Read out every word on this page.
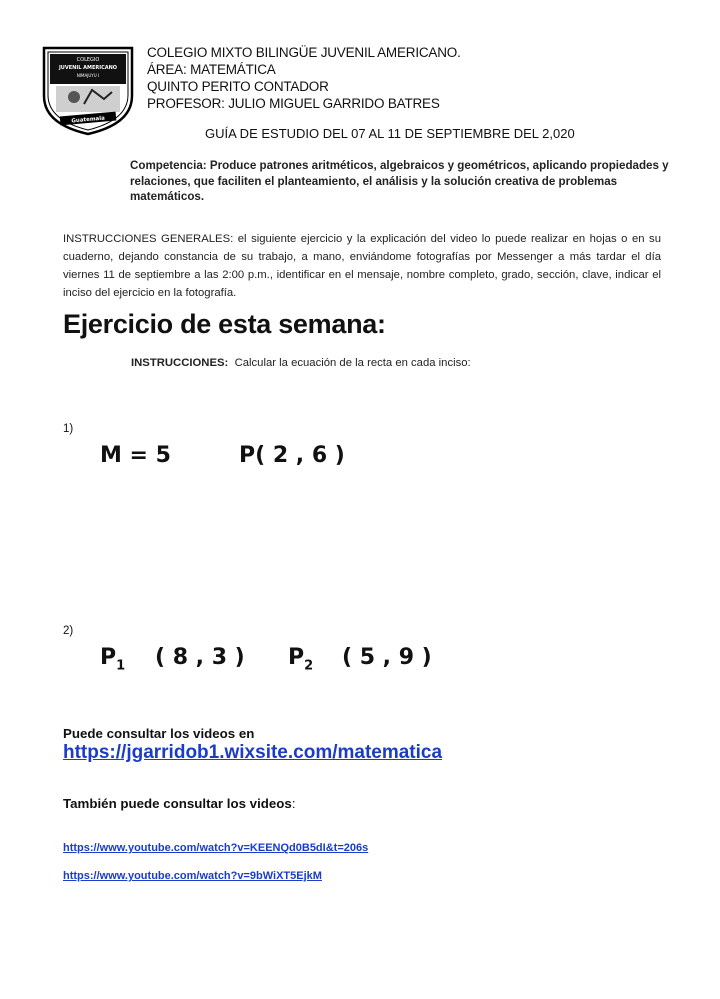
COLEGIO
JUVENIL AMERICANO
NIMAJUYU I
Guatemala
COLEGIO MIXTO BILINGÜE JUVENIL AMERICANO.
ÁREA: MATEMÁTICA
QUINTO PERITO CONTADOR
PROFESOR: JULIO MIGUEL GARRIDO BATRES
GUÍA DE ESTUDIO DEL 07 AL 11 DE SEPTIEMBRE DEL 2,020
Competencia: Produce patrones aritméticos, algebraicos y geométricos, aplicando propiedades y relaciones, que faciliten el planteamiento, el análisis y la solución creativa de problemas matemáticos.
INSTRUCCIONES GENERALES: el siguiente ejercicio y la explicación del video lo puede realizar en hojas o en su cuaderno, dejando constancia de su trabajo, a mano, enviándome fotografías por Messenger a más tardar el día viernes 11 de septiembre a las 2:00 p.m., identificar en el mensaje, nombre completo, grado, sección, clave, indicar el inciso del ejercicio en la fotografía.
Ejercicio de esta semana:
INSTRUCCIONES: Calcular la ecuación de la recta en cada inciso:
1)
M = 5	P( 2 , 6 )
2)
$P_1$ ( 8 , 3 ) $P_2$ ( 5 , 9 )
Puede consultar los videos en
https://jgarridob1.wixsite.com/matematica
También puede consultar los videos:
https://www.youtube.com/watch?v=KEENQd0B5dI&t=206s
https://www.youtube.com/watch?v=9bWiXT5EjkM
